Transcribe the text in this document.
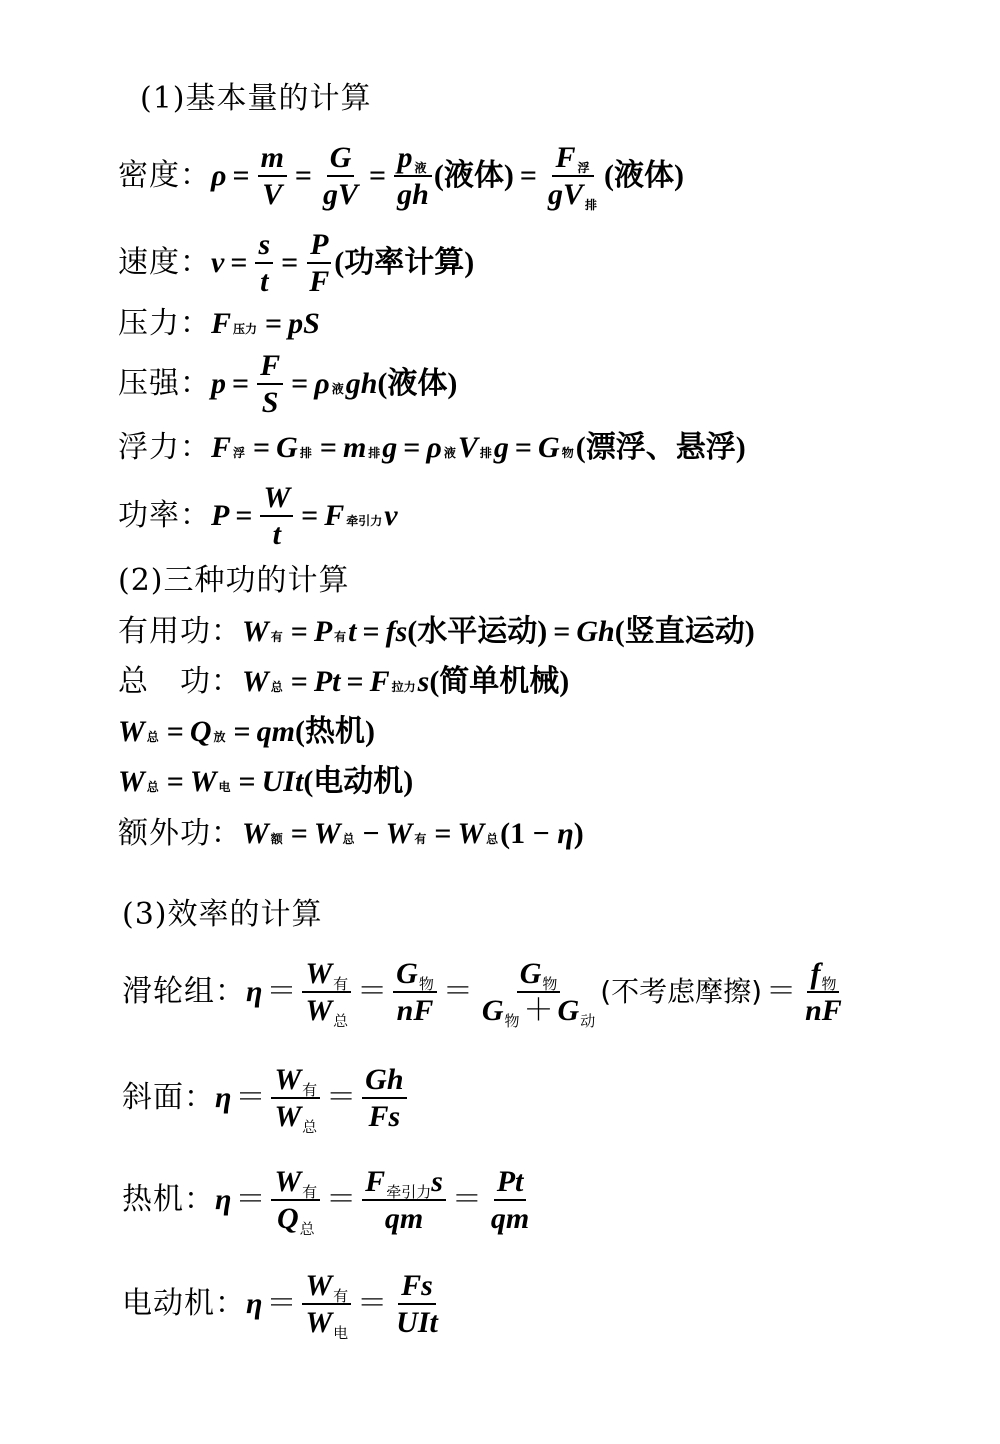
(1)基本量的计算
密度： $\rho = \frac{m}{V} = \frac{G}{gV} = \frac{\text{p 液}}{gh}$ (液体) = $\frac{\text{F 浮}}{\text{gV 排}}$ (液体)
速度： $v = \frac{s}{t} = \frac{P}{F}$ (功率计算)
压力： F 压力 = pS
压强： $p = \frac{F}{S} = \rho$ 液 gh (液体)
浮力： F 浮 = G 排 = m 排 g = ρ 液 V 排 g = G 物 (漂浮、悬浮)
功率： $P = \frac{W}{t} = F$ 牵引力 v
(2)三种功的计算
有用功： W 有 = P 有 t = fs (水平运动) = Gh (竖直运动)
总　功： W 总 = Pt = F 拉力 s (简单机械)
W 总 = Q 放 = qm (热机)
W 总 = W 电 = UIt (电动机)
额外功： W 额 = W 总 − W 有 = W 总 (1 − η )
(3)效率的计算
滑轮组： $\eta = \frac{\text{W 有}}{\text{W 总}} = \frac{\text{G 物}}{nF} = \frac{\text{G 物}}{\text{G 物 ＋ G 动}}$ (不考虑摩擦) ＝ $\frac{\text{f 物}}{nF}$
斜面： $\eta = \frac{\text{W 有}}{\text{W 总}} = \frac{Gh}{Fs}$
热机： $\eta = \frac{\text{W 有}}{\text{Q 总}} = \frac{\text{F 牵引力 s}}{qm} = \frac{Pt}{qm}$
电动机： $\eta = \frac{\text{W 有}}{\text{W 电}} = \frac{Fs}{\text{UIt}}$
